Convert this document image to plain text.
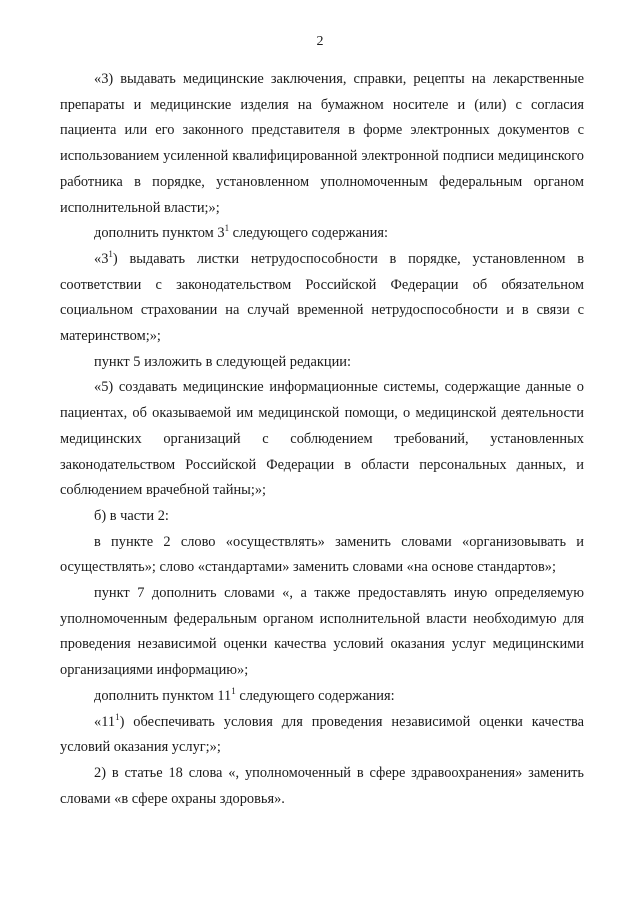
2

«3) выдавать медицинские заключения, справки, рецепты на лекарственные препараты и медицинские изделия на бумажном носителе и (или) с согласия пациента или его законного представителя в форме электронных документов с использованием усиленной квалифицированной электронной подписи медицинского работника в порядке, установленном уполномоченным федеральным органом исполнительной власти;»;

дополнить пунктом $3^1$ следующего содержания:

«$3^1$) выдавать листки нетрудоспособности в порядке, установленном в соответствии с законодательством Российской Федерации об обязательном социальном страховании на случай временной нетрудоспособности и в связи с материнством;»;

пункт 5 изложить в следующей редакции:

«5) создавать медицинские информационные системы, содержащие данные о пациентах, об оказываемой им медицинской помощи, о медицинской деятельности медицинских организаций с соблюдением требований, установленных законодательством Российской Федерации в области персональных данных, и соблюдением врачебной тайны;»;

б) в части 2:

в пункте 2 слово «осуществлять» заменить словами «организовывать и осуществлять»; слово «стандартами» заменить словами «на основе стандартов»;

пункт 7 дополнить словами «, а также предоставлять иную определяемую уполномоченным федеральным органом исполнительной власти необходимую для проведения независимой оценки качества условий оказания услуг медицинскими организациями информацию»;

дополнить пунктом $11^1$ следующего содержания:

«$11^1$) обеспечивать условия для проведения независимой оценки качества условий оказания услуг;»;

2) в статье 18 слова «, уполномоченный в сфере здравоохранения» заменить словами «в сфере охраны здоровья».
